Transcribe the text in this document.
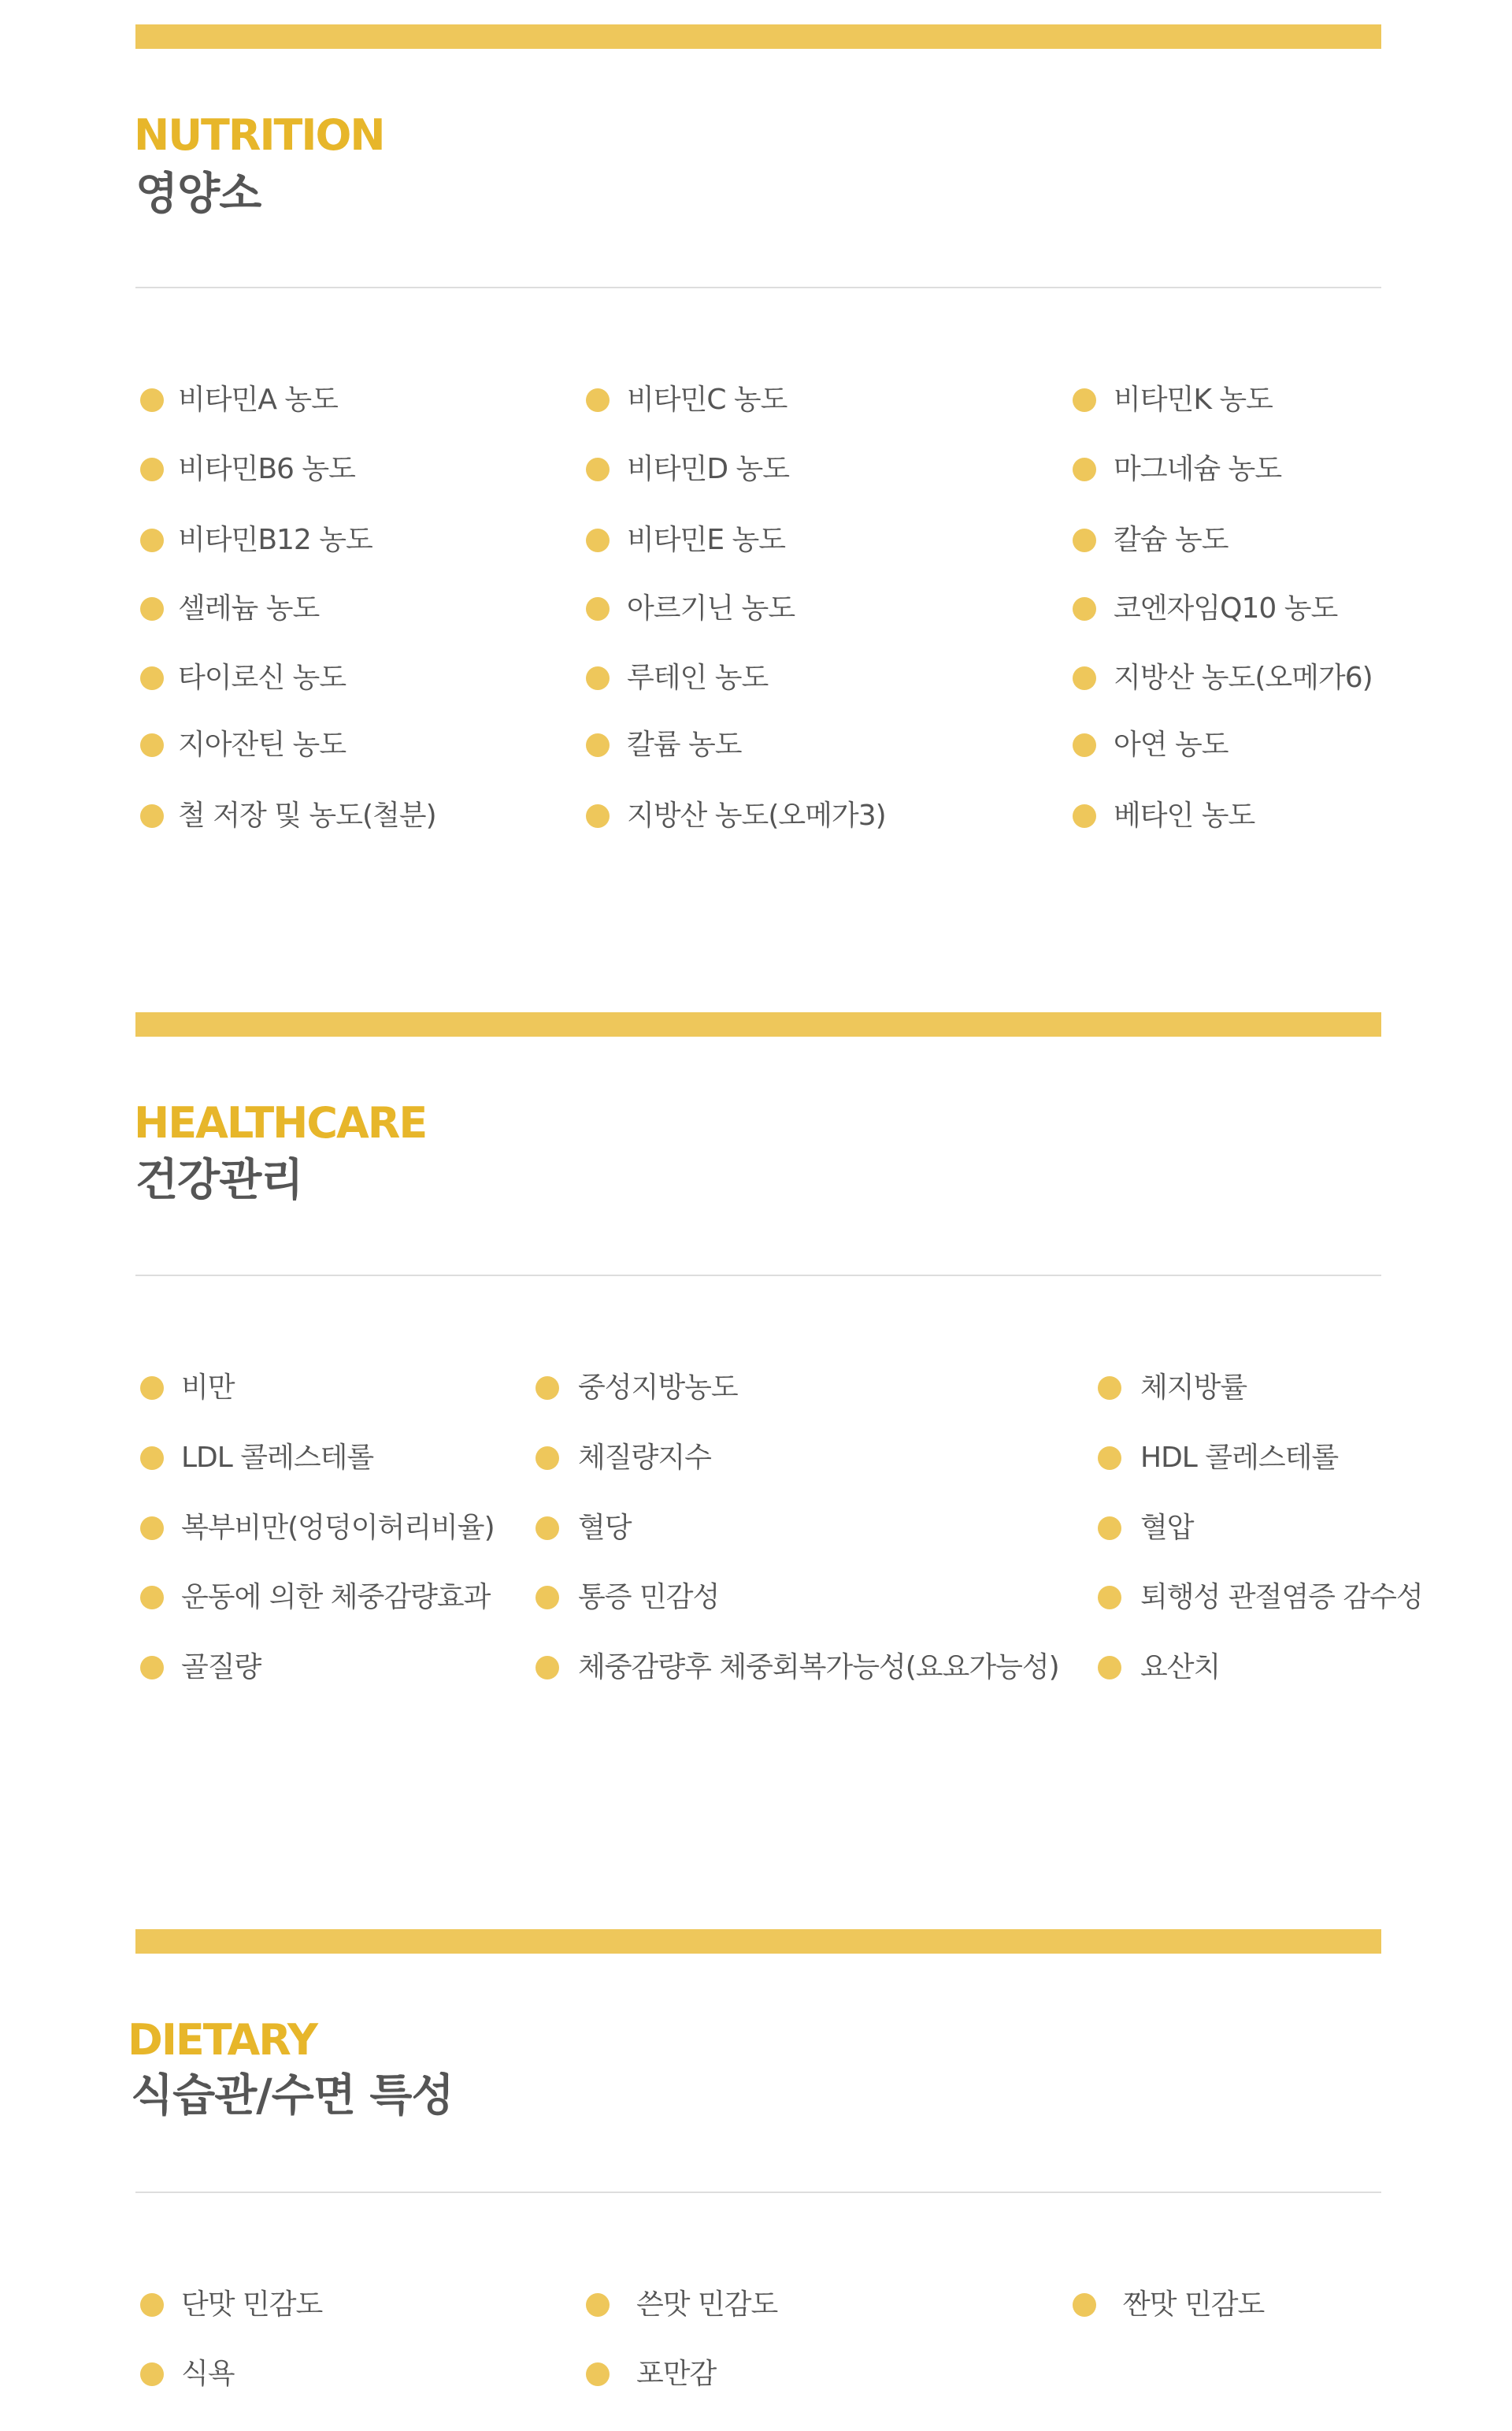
NUTRITION
영양소
비타민A 농도
비타민B6 농도
비타민B12 농도
셀레늄 농도
타이로신 농도
지아잔틴 농도
철 저장 및 농도(철분)
비타민C 농도
비타민D 농도
비타민E 농도
아르기닌 농도
루테인 농도
칼륨 농도
지방산 농도(오메가3)
비타민K 농도
마그네슘 농도
칼슘 농도
코엔자임Q10 농도
지방산 농도(오메가6)
아연 농도
베타인 농도
HEALTHCARE
건강관리
비만
LDL 콜레스테롤
복부비만(엉덩이허리비율)
운동에 의한 체중감량효과
골질량
중성지방농도
체질량지수
혈당
통증 민감성
체중감량후 체중회복가능성(요요가능성)
체지방률
HDL 콜레스테롤
혈압
퇴행성 관절염증 감수성
요산치
DIETARY
식습관/수면 특성
단맛 민감도
식욕
쓴맛 민감도
포만감
짠맛 민감도
